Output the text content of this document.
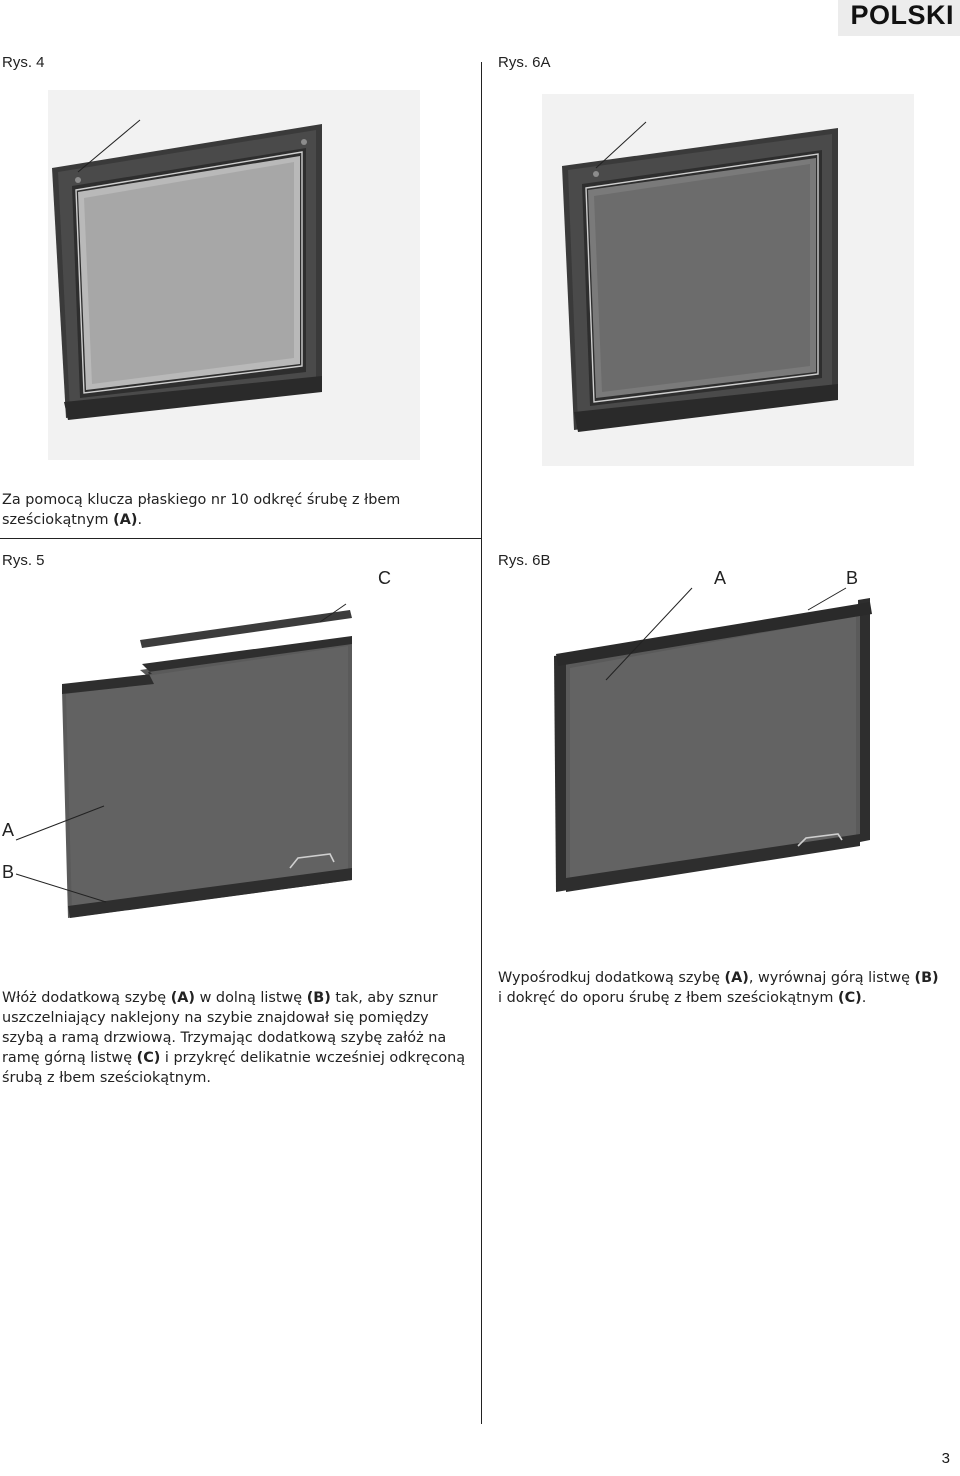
POLSKI
Rys. 4

Za pomocą klucza płaskiego nr 10 odkręć śrubę z łbem
sześciokątnym (A).

Rys. 6A
Rys. 5
C
A
B
Rys. 6B
A	B

Włóż dodatkową szybę (A) w dolną listwę (B) tak, aby sznur
uszczelniający naklejony na szybie znajdował się pomiędzy
szybą a ramą drzwiową. Trzymając dodatkową szybę załóż na
ramę górną listwę (C) i przykręć delikatnie wcześniej odkręconą
śrubą z łbem sześciokątnym.

Wypośrodkuj dodatkową szybę (A), wyrównaj górą listwę (B)
i dokręć do oporu śrubę z łbem sześciokątnym (C).

3
